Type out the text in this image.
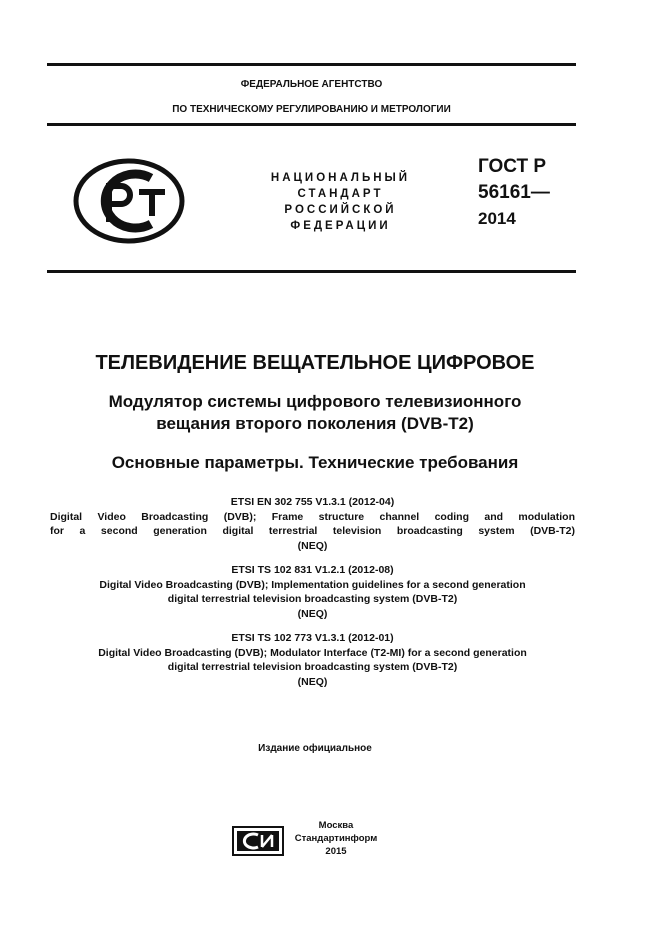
ФЕДЕРАЛЬНОЕ АГЕНТСТВО
ПО ТЕХНИЧЕСКОМУ РЕГУЛИРОВАНИЮ И МЕТРОЛОГИИ
НАЦИОНАЛЬНЫЙ
СТАНДАРТ
РОССИЙСКОЙ
ФЕДЕРАЦИИ
ГОСТ Р
56161—
2014
ТЕЛЕВИДЕНИЕ ВЕЩАТЕЛЬНОЕ ЦИФРОВОЕ
Модулятор системы цифрового телевизионного
вещания второго поколения (DVB-T2)
Основные параметры. Технические требования
ETSI EN 302 755 V1.3.1 (2012-04)
Digital Video Broadcasting (DVB); Frame structure channel coding and modulation
for a second generation digital terrestrial television broadcasting system (DVB-T2)
(NEQ)
ETSI TS 102 831 V1.2.1 (2012-08)
Digital Video Broadcasting (DVB); Implementation guidelines for a second generation
digital terrestrial television broadcasting system (DVB-T2)
(NEQ)
ETSI TS 102 773 V1.3.1 (2012-01)
Digital Video Broadcasting (DVB); Modulator Interface (T2-MI) for a second generation
digital terrestrial television broadcasting system (DVB-T2)
(NEQ)
Издание официальное
Москва
Стандартинформ
2015
